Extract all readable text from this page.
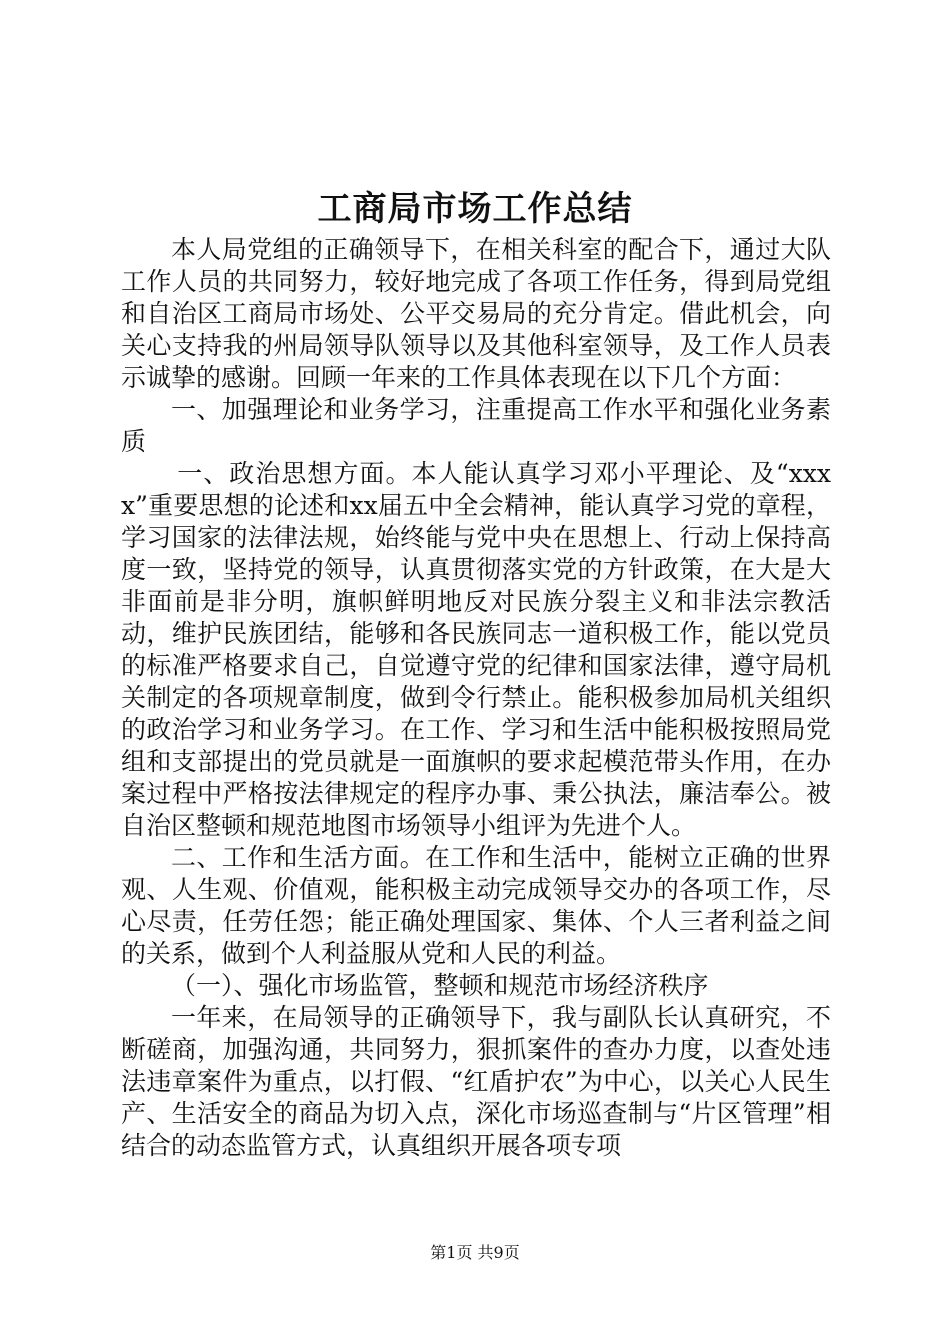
工商局市场工作总结

本人局党组的正确领导下，在相关科室的配合下，通过大队工作人员的共同努力，较好地完成了各项工作任务，得到局党组和自治区工商局市场处、公平交易局的充分肯定。借此机会，向关心支持我的州局领导队领导以及其他科室领导，及工作人员表示诚挚的感谢。回顾一年来的工作具体表现在以下几个方面：

一、加强理论和业务学习，注重提高工作水平和强化业务素质

一、政治思想方面。本人能认真学习邓小平理论、及“xxxx”重要思想的论述和xx届五中全会精神，能认真学习党的章程，学习国家的法律法规，始终能与党中央在思想上、行动上保持高度一致，坚持党的领导，认真贯彻落实党的方针政策，在大是大非面前是非分明，旗帜鲜明地反对民族分裂主义和非法宗教活动，维护民族团结，能够和各民族同志一道积极工作，能以党员的标准严格要求自己，自觉遵守党的纪律和国家法律，遵守局机关制定的各项规章制度，做到令行禁止。能积极参加局机关组织的政治学习和业务学习。在工作、学习和生活中能积极按照局党组和支部提出的党员就是一面旗帜的要求起模范带头作用，在办案过程中严格按法律规定的程序办事、秉公执法，廉洁奉公。被自治区整顿和规范地图市场领导小组评为先进个人。

二、工作和生活方面。在工作和生活中，能树立正确的世界观、人生观、价值观，能积极主动完成领导交办的各项工作，尽心尽责，任劳任怨；能正确处理国家、集体、个人三者利益之间的关系，做到个人利益服从党和人民的利益。

（一）、强化市场监管，整顿和规范市场经济秩序

一年来，在局领导的正确领导下，我与副队长认真研究，不断磋商，加强沟通，共同努力，狠抓案件的查办力度，以查处违法违章案件为重点，以打假、“红盾护农”为中心，以关心人民生产、生活安全的商品为切入点，深化市场巡查制与“片区管理”相结合的动态监管方式，认真组织开展各项专项

第1页 共9页
